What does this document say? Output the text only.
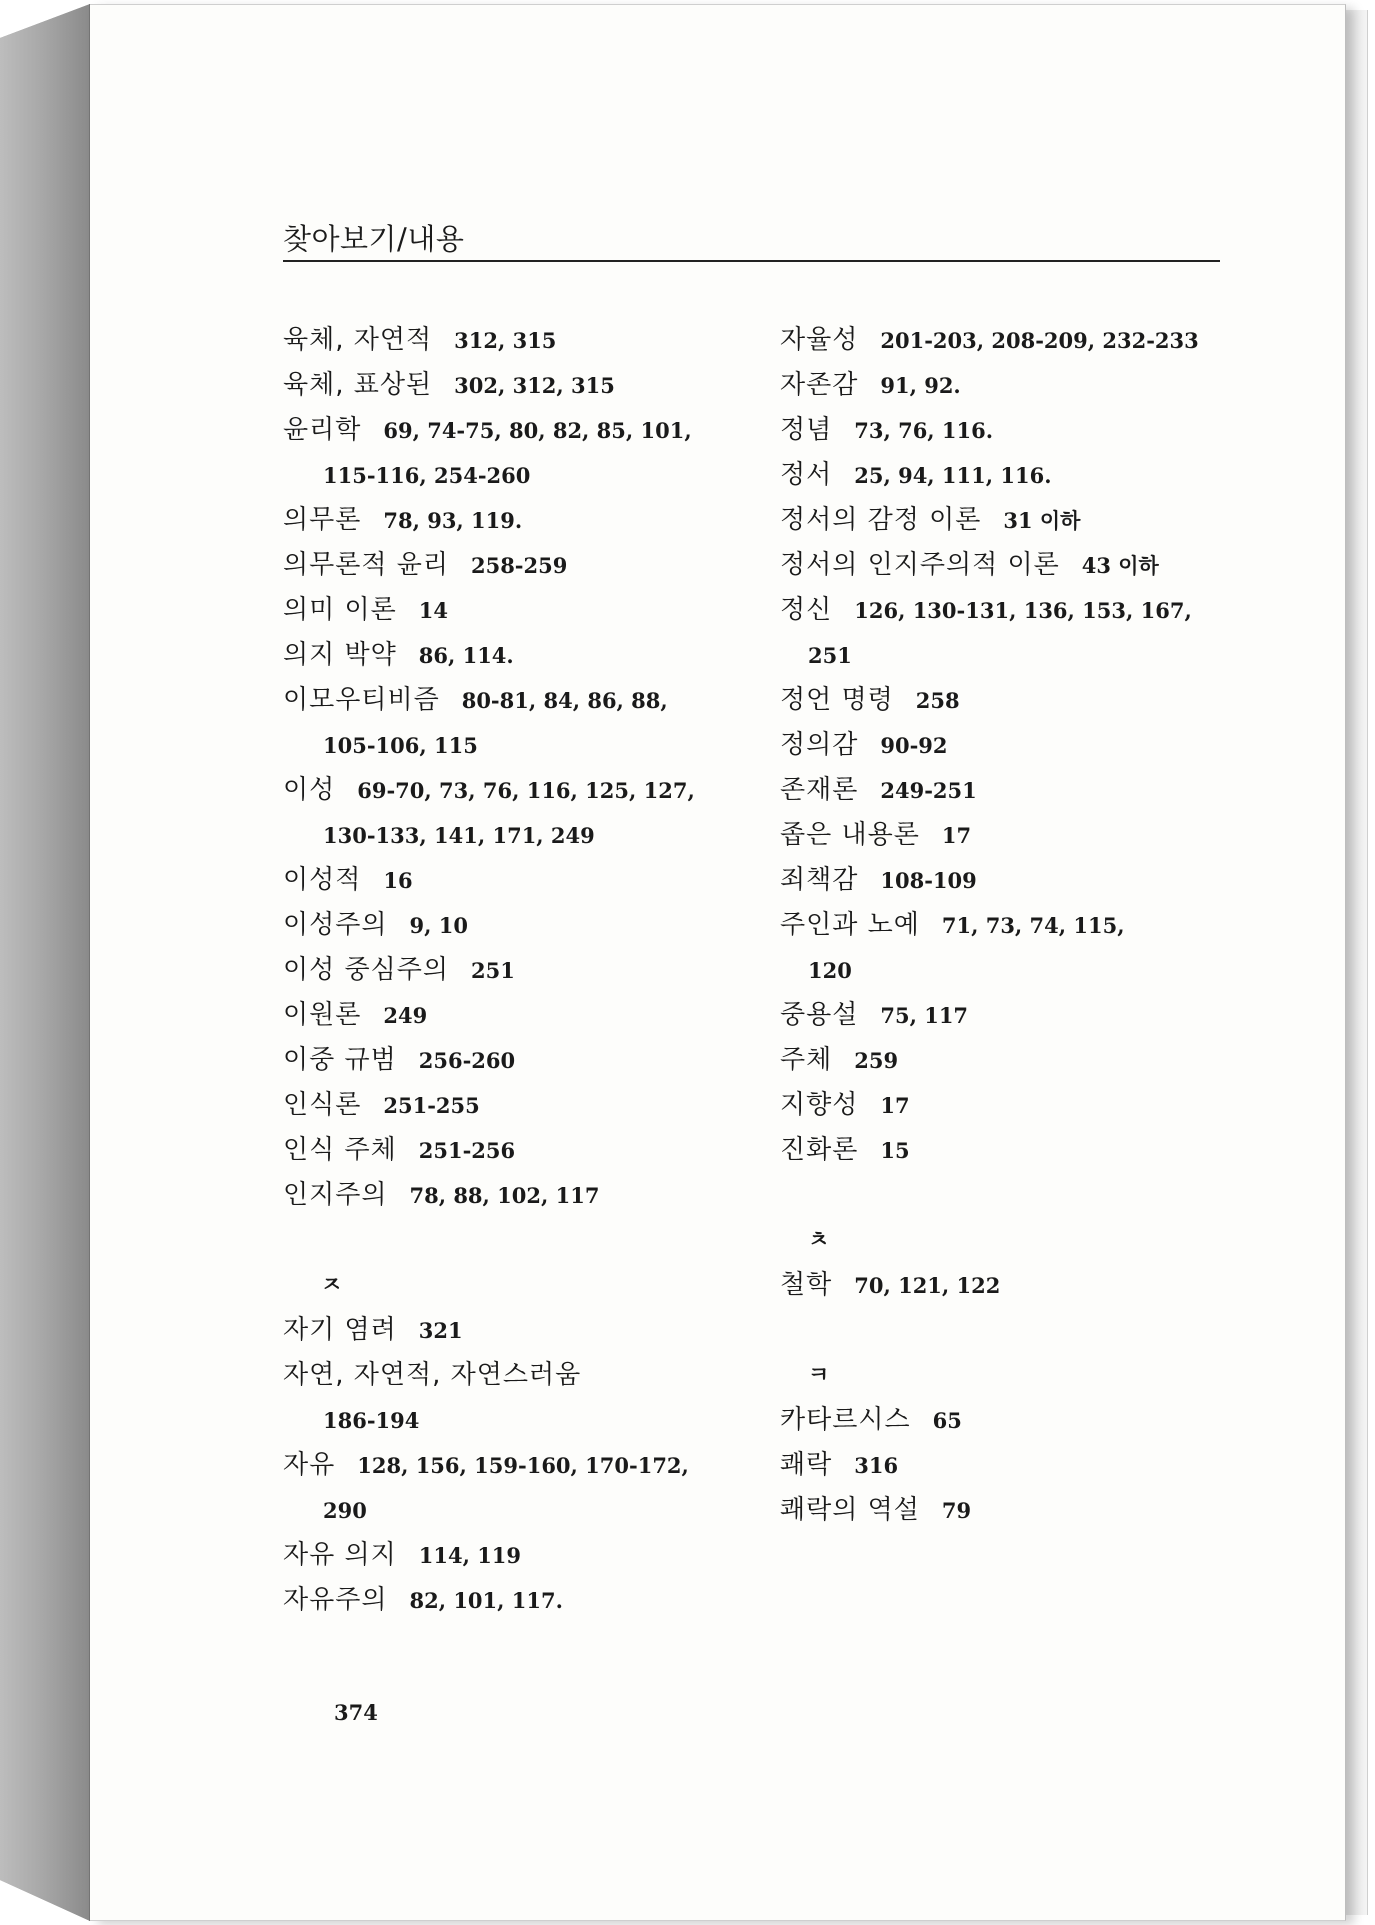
찾아보기/내용
육체, 자연적 312, 315
육체, 표상된 302, 312, 315
윤리학 69, 74-75, 80, 82, 85, 101,
115-116, 254-260
의무론 78, 93, 119.
의무론적 윤리 258-259
의미 이론 14
의지 박약 86, 114.
이모우티비즘 80-81, 84, 86, 88,
105-106, 115
이성 69-70, 73, 76, 116, 125, 127,
130-133, 141, 171, 249
이성적 16
이성주의 9, 10
이성 중심주의 251
이원론 249
이중 규범 256-260
인식론 251-255
인식 주체 251-256
인지주의 78, 88, 102, 117
ㅈ
자기 염려 321
자연, 자연적, 자연스러움
186-194
자유 128, 156, 159-160, 170-172,
290
자유 의지 114, 119
자유주의 82, 101, 117.
자율성 201-203, 208-209, 232-233
자존감 91, 92.
정념 73, 76, 116.
정서 25, 94, 111, 116.
정서의 감정 이론 31 이하
정서의 인지주의적 이론 43 이하
정신 126, 130-131, 136, 153, 167,
251
정언 명령 258
정의감 90-92
존재론 249-251
좁은 내용론 17
죄책감 108-109
주인과 노예 71, 73, 74, 115,
120
중용설 75, 117
주체 259
지향성 17
진화론 15
ㅊ
철학 70, 121, 122
ㅋ
카타르시스 65
쾌락 316
쾌락의 역설 79
374
